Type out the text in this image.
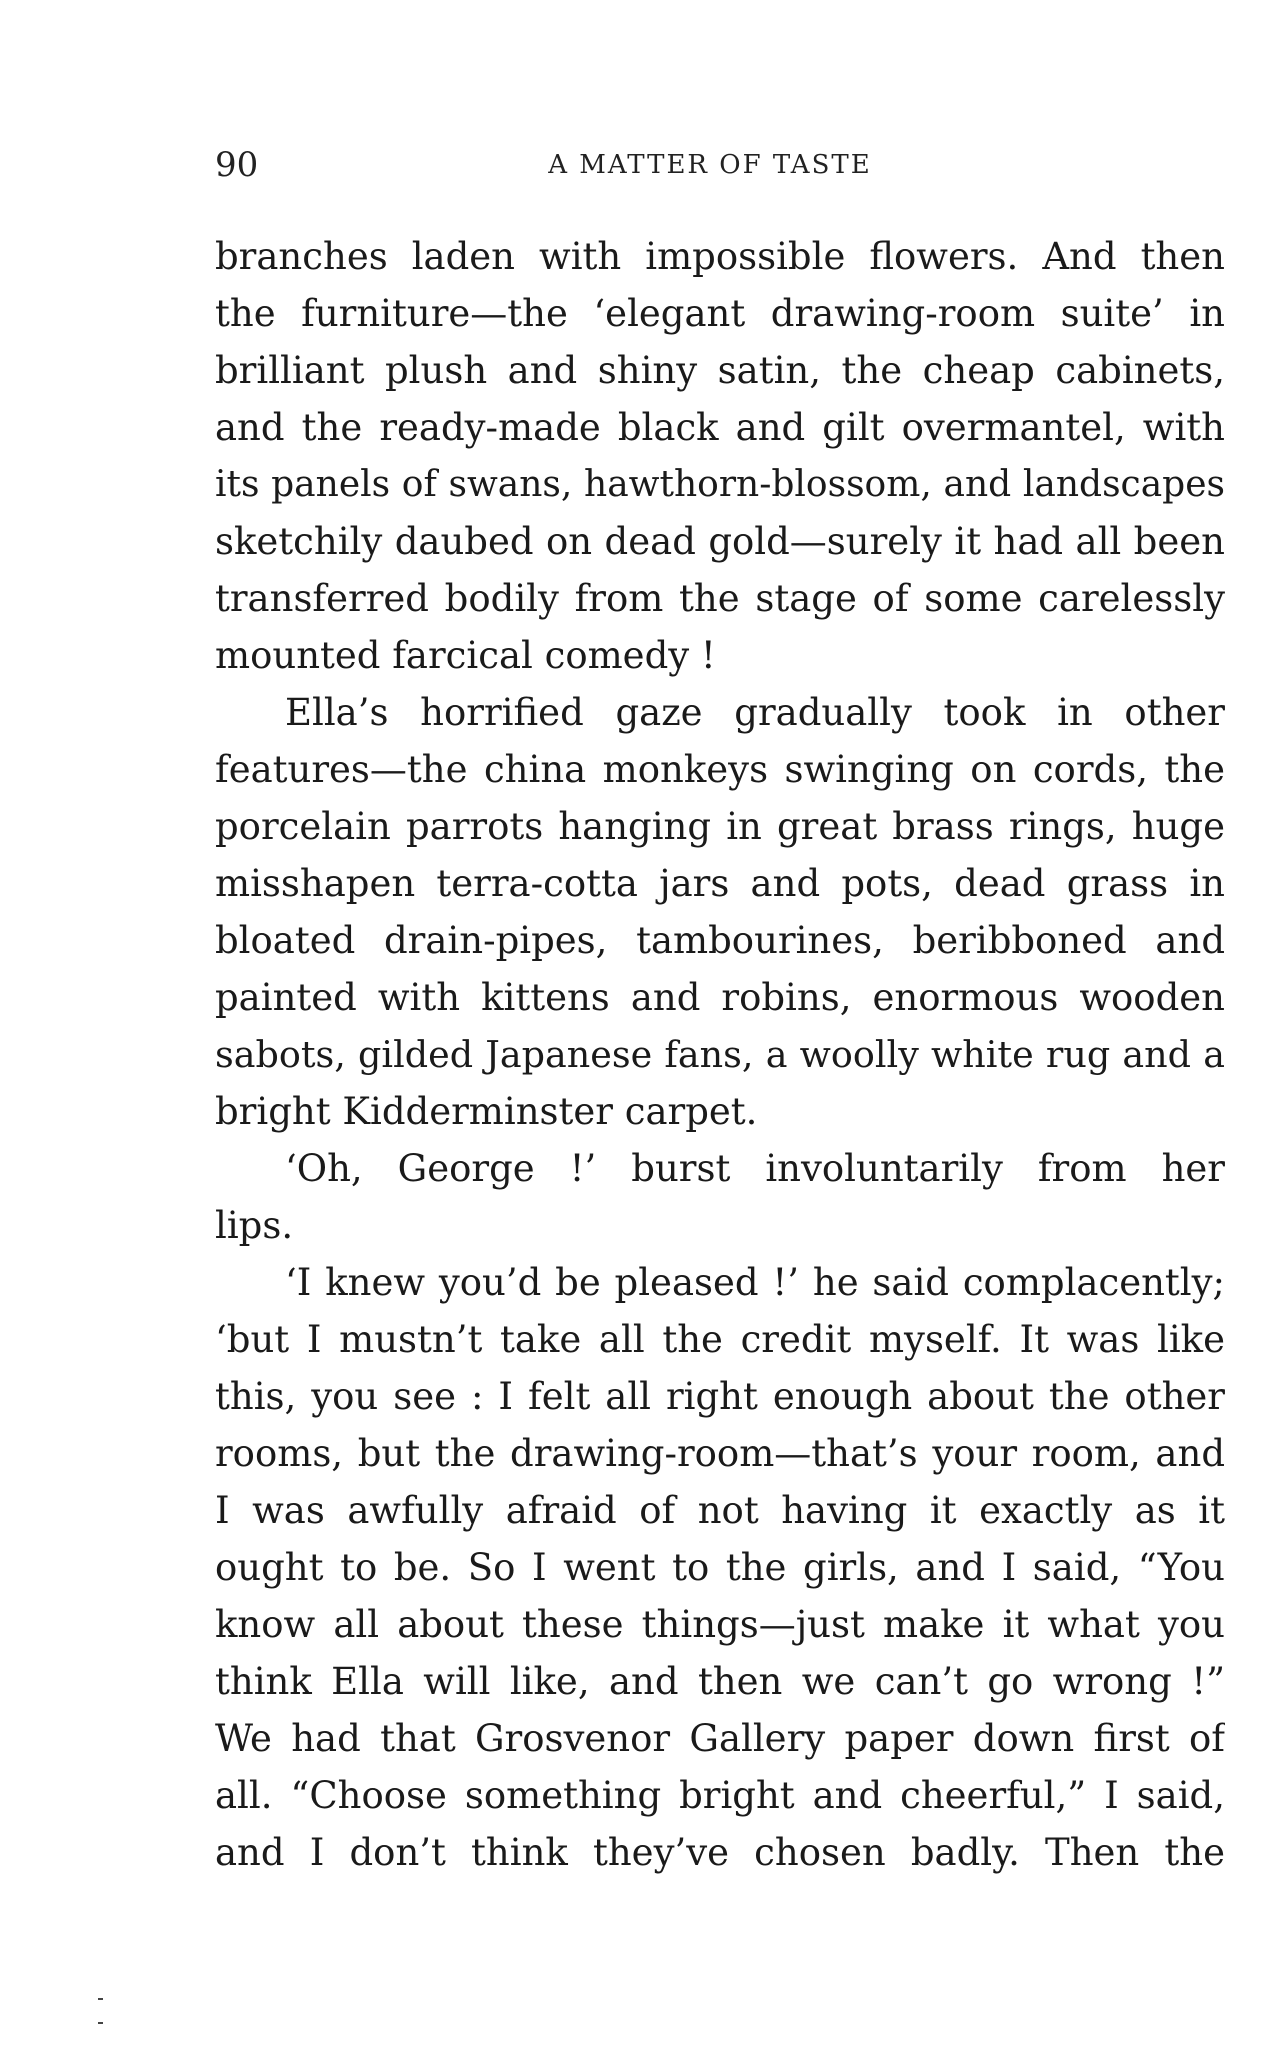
90	A MATTER OF TASTE
branches laden with impossible flowers. And then
the furniture—the ‘elegant drawing-room suite’ in
brilliant plush and shiny satin, the cheap cabinets,
and the ready-made black and gilt overmantel, with
its panels of swans, hawthorn-blossom, and landscapes
sketchily daubed on dead gold—surely it had all been
transferred bodily from the stage of some carelessly
mounted farcical comedy !
Ella’s horrified gaze gradually took in other
features—the china monkeys swinging on cords, the
porcelain parrots hanging in great brass rings, huge
misshapen terra-cotta jars and pots, dead grass in
bloated drain-pipes, tambourines, beribboned and
painted with kittens and robins, enormous wooden
sabots, gilded Japanese fans, a woolly white rug and a
bright Kidderminster carpet.
‘Oh, George !’ burst involuntarily from her
lips.
‘I knew you’d be pleased !’ he said complacently;
‘but I mustn’t take all the credit myself. It was like
this, you see : I felt all right enough about the other
rooms, but the drawing-room—that’s your room, and
I was awfully afraid of not having it exactly as it
ought to be. So I went to the girls, and I said, “You
know all about these things—just make it what you
think Ella will like, and then we can’t go wrong !”
We had that Grosvenor Gallery paper down first of
all. “Choose something bright and cheerful,” I said,
and I don’t think they’ve chosen badly. Then the
